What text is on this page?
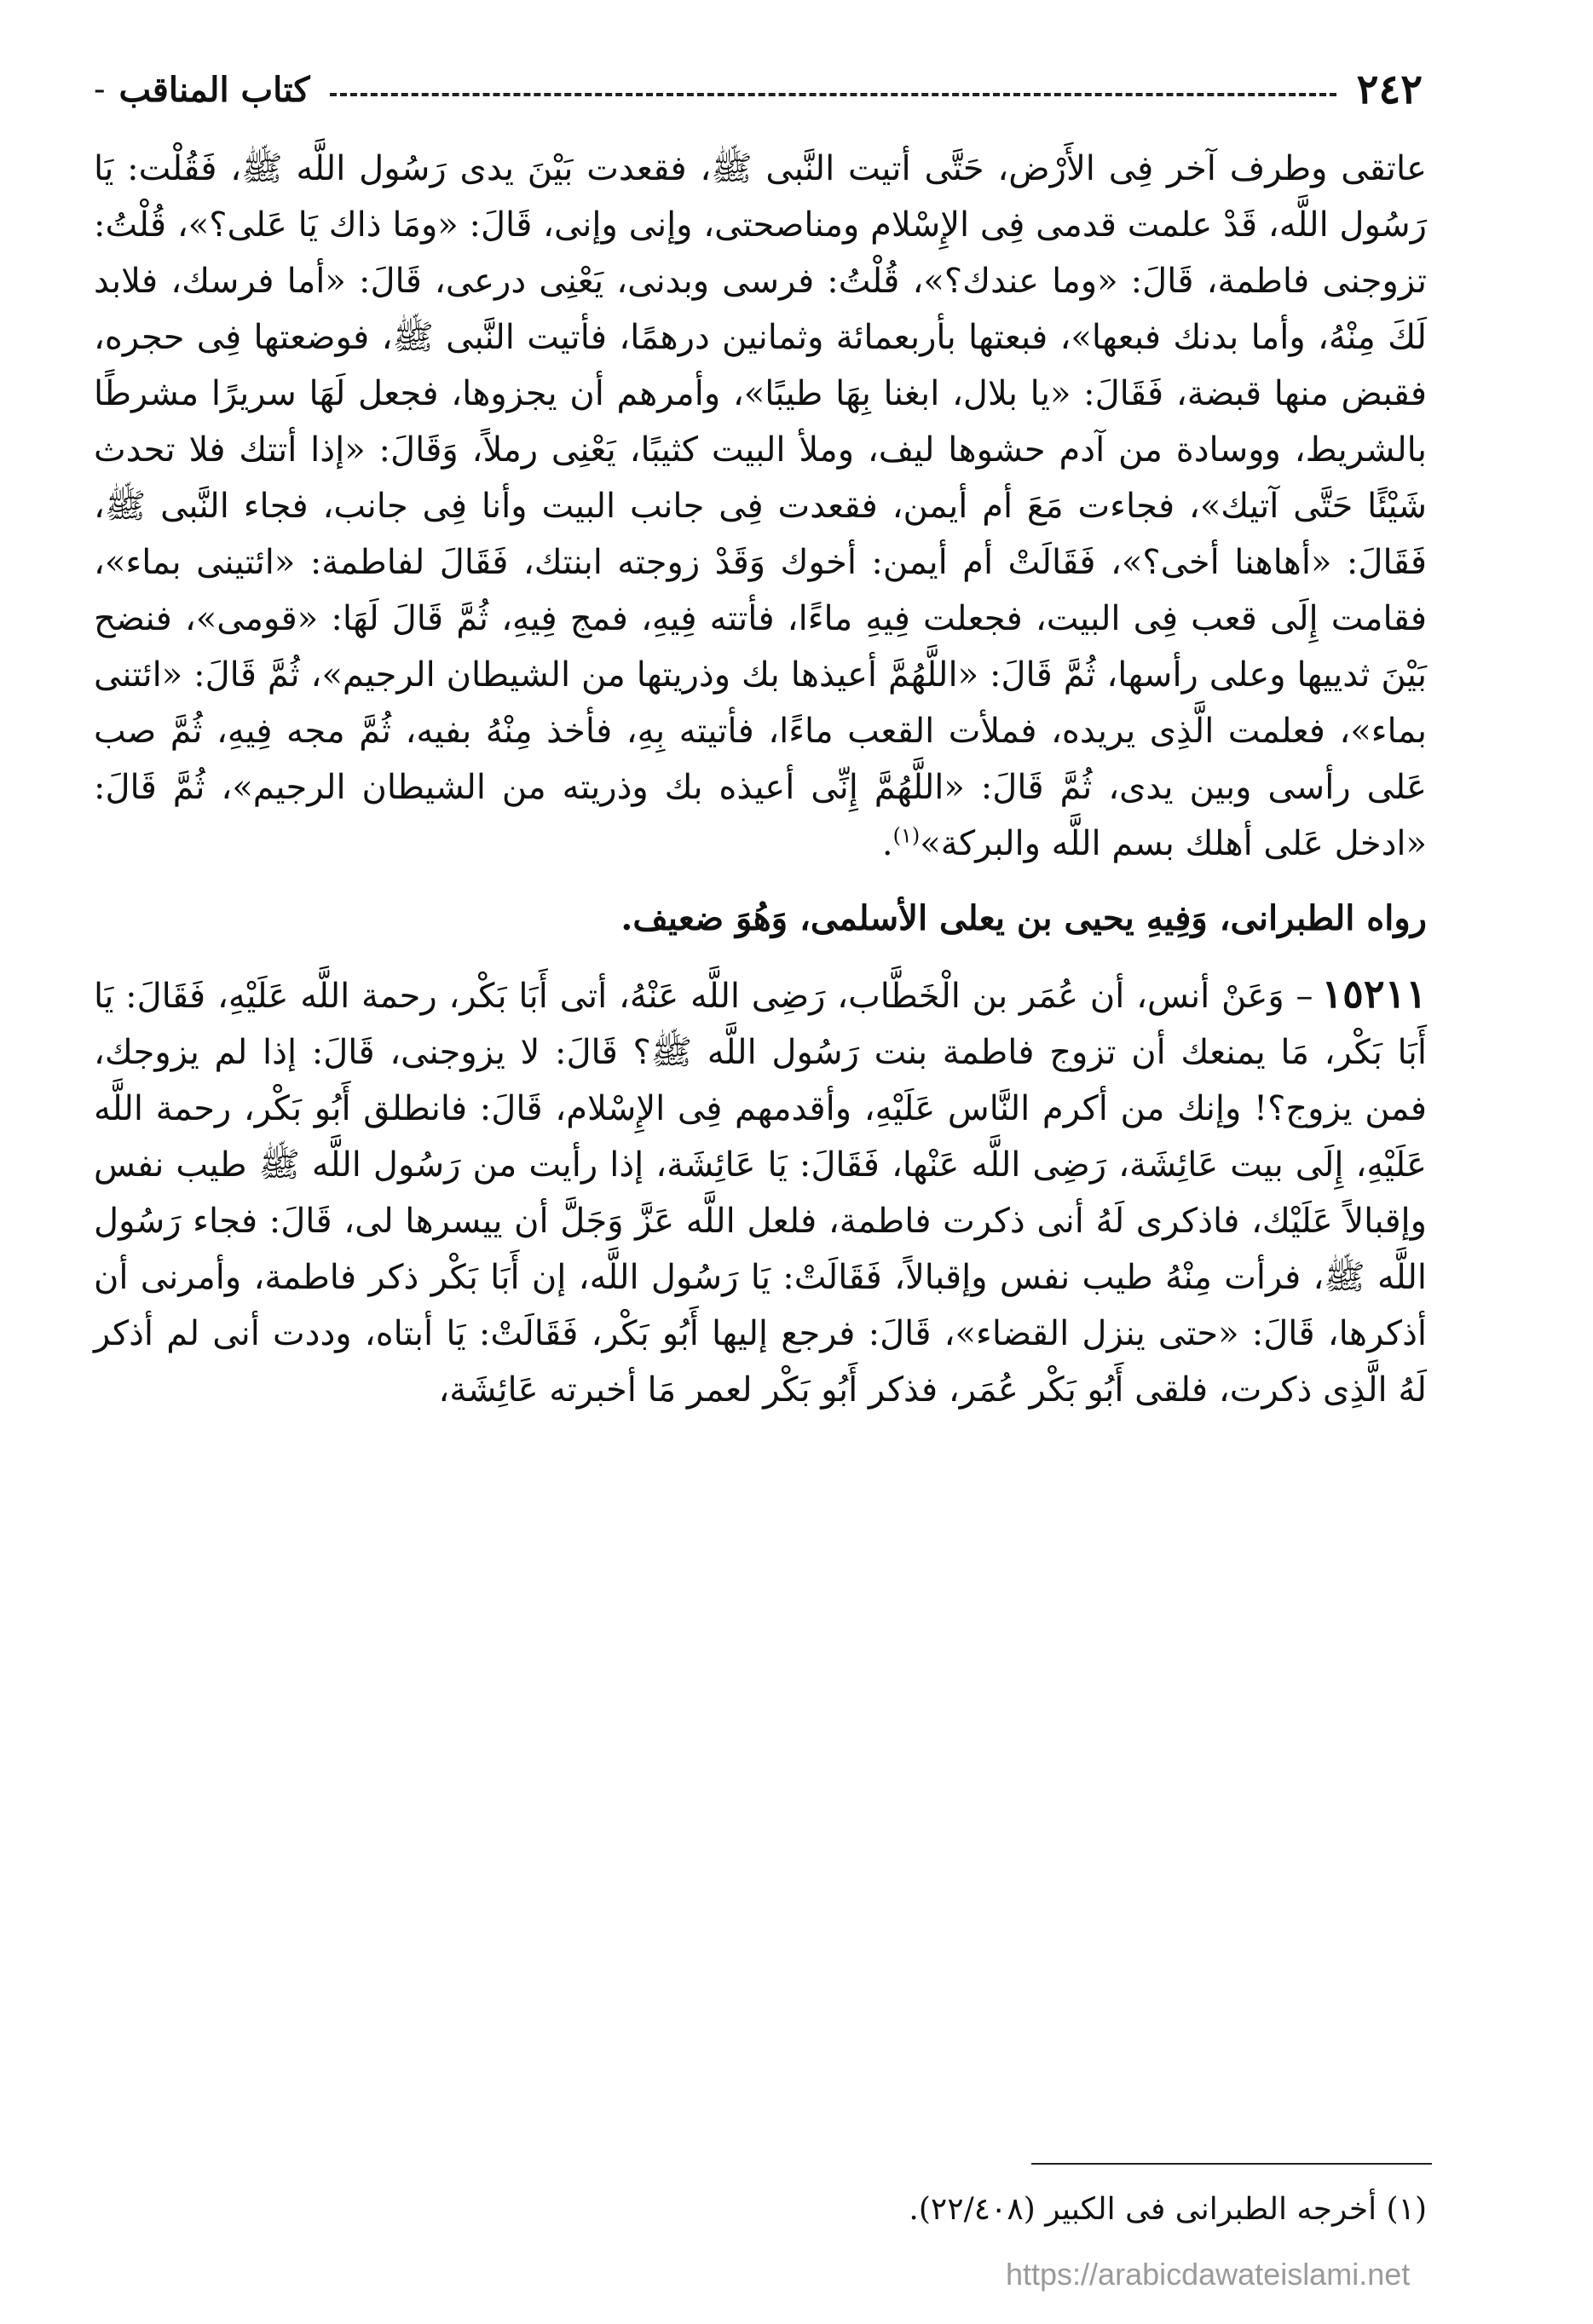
٢٤٢
كتاب المناقب
-

عاتقى وطرف آخر فِى الأَرْض، حَتَّى أتيت النَّبى ﷺ، فقعدت بَيْنَ يدى رَسُول اللَّه ﷺ، فَقُلْت: يَا رَسُول اللَّه، قَدْ علمت قدمى فِى الإِسْلام ومناصحتى، وإنى وإنى، قَالَ: «ومَا ذاك يَا عَلى؟»، قُلْتُ: تزوجنى فاطمة، قَالَ: «وما عندك؟»، قُلْتُ: فرسى وبدنى، يَعْنِى درعى، قَالَ: «أما فرسك، فلابد لَكَ مِنْهُ، وأما بدنك فبعها»، فبعتها بأربعمائة وثمانين درهمًا، فأتيت النَّبى ﷺ، فوضعتها فِى حجره، فقبض منها قبضة، فَقَالَ: «يا بلال، ابغنا بِهَا طيبًا»، وأمرهم أن يجزوها، فجعل لَهَا سريرًا مشرطًا بالشريط، ووسادة من آدم حشوها ليف، وملأ البيت كثيبًا، يَعْنِى رملاً، وَقَالَ: «إذا أتتك فلا تحدث شَيْئًا حَتَّى آتيك»، فجاءت مَعَ أم أيمن، فقعدت فِى جانب البيت وأنا فِى جانب، فجاء النَّبى ﷺ، فَقَالَ: «أهاهنا أخى؟»، فَقَالَتْ أم أيمن: أخوك وَقَدْ زوجته ابنتك، فَقَالَ لفاطمة: «ائتينى بماء»، فقامت إِلَى قعب فِى البيت، فجعلت فِيهِ ماءًا، فأتته فِيهِ، فمج فِيهِ، ثُمَّ قَالَ لَهَا: «قومى»، فنضح بَيْنَ ثدييها وعلى رأسها، ثُمَّ قَالَ: «اللَّهُمَّ أعيذها بك وذريتها من الشيطان الرجيم»، ثُمَّ قَالَ: «ائتنى بماء»، فعلمت الَّذِى يريده، فملأت القعب ماءًا، فأتيته بِهِ، فأخذ مِنْهُ بفيه، ثُمَّ مجه فِيهِ، ثُمَّ صب عَلى رأسى وبين يدى، ثُمَّ قَالَ: «اللَّهُمَّ إِنِّى أعيذه بك وذريته من الشيطان الرجيم»، ثُمَّ قَالَ: «ادخل عَلى أهلك بسم اللَّه والبركة»$^{(١)}$.

رواه الطبرانى، وَفِيهِ يحيى بن يعلى الأسلمى، وَهُوَ ضعيف.

١٥٢١١– وَعَنْ أنس، أن عُمَر بن الْخَطَّاب، رَضِى اللَّه عَنْهُ، أتى أَبَا بَكْر، رحمة اللَّه عَلَيْهِ، فَقَالَ: يَا أَبَا بَكْر، مَا يمنعك أن تزوج فاطمة بنت رَسُول اللَّه ﷺ؟ قَالَ: لا يزوجنى، قَالَ: إذا لم يزوجك، فمن يزوج؟! وإنك من أكرم النَّاس عَلَيْهِ، وأقدمهم فِى الإِسْلام، قَالَ: فانطلق أَبُو بَكْر، رحمة اللَّه عَلَيْهِ، إِلَى بيت عَائِشَة، رَضِى اللَّه عَنْها، فَقَالَ: يَا عَائِشَة، إذا رأيت من رَسُول اللَّه ﷺ طيب نفس وإقبالاً عَلَيْك، فاذكرى لَهُ أنى ذكرت فاطمة، فلعل اللَّه عَزَّ وَجَلَّ أن ييسرها لى، قَالَ: فجاء رَسُول اللَّه ﷺ، فرأت مِنْهُ طيب نفس وإقبالاً، فَقَالَتْ: يَا رَسُول اللَّه، إن أَبَا بَكْر ذكر فاطمة، وأمرنى أن أذكرها، قَالَ: «حتى ينزل القضاء»، قَالَ: فرجع إليها أَبُو بَكْر، فَقَالَتْ: يَا أبتاه، وددت أنى لم أذكر لَهُ الَّذِى ذكرت، فلقى أَبُو بَكْر عُمَر، فذكر أَبُو بَكْر لعمر مَا أخبرته عَائِشَة،

(١) أخرجه الطبرانى فى الكبير (٢٢/٤٠٨).
https://arabicdawateislami.net
